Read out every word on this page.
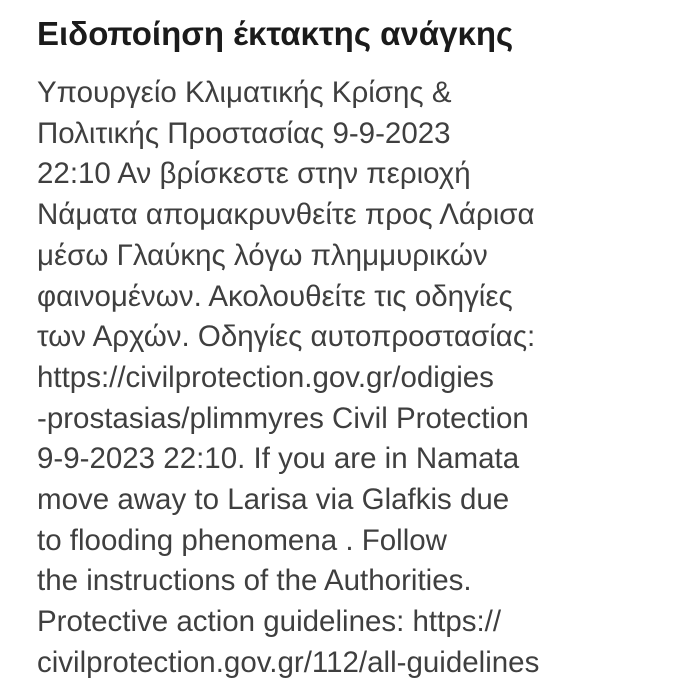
Ειδοποίηση έκτακτης ανάγκης
Υπουργείο Κλιματικής Κρίσης &
Πολιτικής Προστασίας 9-9-2023
22:10 Αν βρίσκεστε στην περιοχή
Νάματα απομακρυνθείτε προς Λάρισα
μέσω Γλαύκης λόγω πλημμυρικών
φαινομένων. Ακολουθείτε τις οδηγίες
των Αρχών. Οδηγίες αυτοπροστασίας:
https://civilprotection.gov.gr/odigies
-prostasias/plimmyres Civil Protection
9-9-2023 22:10. If you are in Namata
move away to Larisa via Glafkis due
to flooding phenomena . Follow
the instructions of the Authorities.
Protective action guidelines: https://
civilprotection.gov.gr/112/all-guidelines
